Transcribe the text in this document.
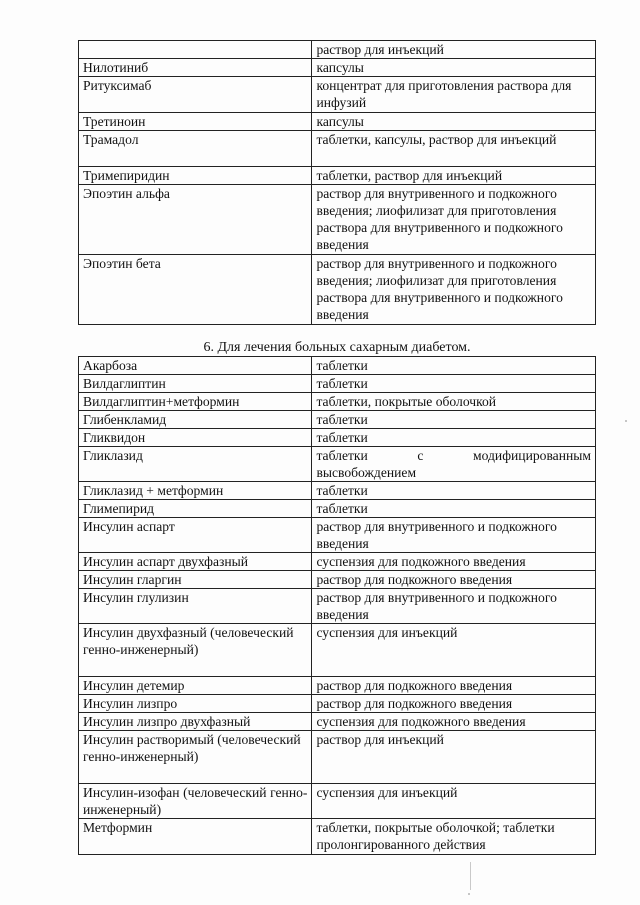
	раствор для инъекций
Нилотиниб	капсулы
Ритуксимаб	концентрат для приготовления раствора для инфузий
Третиноин	капсулы
Трамадол	таблетки, капсулы, раствор для инъекций
Тримепиридин	таблетки, раствор для инъекций
Эпоэтин альфа	раствор для внутривенного и подкожного введения; лиофилизат для приготовления раствора для внутривенного и подкожного введения
Эпоэтин бета	раствор для внутривенного и подкожного введения; лиофилизат для приготовления раствора для внутривенного и подкожного введения
6. Для лечения больных сахарным диабетом.
Акарбоза	таблетки
Вилдаглиптин	таблетки
Вилдаглиптин+метформин	таблетки, покрытые оболочкой
Глибенкламид	таблетки
Гликвидон	таблетки
Гликлазид	таблетки с модифицированным высвобождением
Гликлазид + метформин	таблетки
Глимепирид	таблетки
Инсулин аспарт	раствор для внутривенного и подкожного введения
Инсулин аспарт двухфазный	суспензия для подкожного введения
Инсулин гларгин	раствор для подкожного введения
Инсулин глулизин	раствор для внутривенного и подкожного введения
Инсулин двухфазный (человеческий генно-инженерный)	суспензия для инъекций
Инсулин детемир	раствор для подкожного введения
Инсулин лизпро	раствор для подкожного введения
Инсулин лизпро двухфазный	суспензия для подкожного введения
Инсулин растворимый (человеческий генно-инженерный)	раствор для инъекций
Инсулин-изофан (человеческий генно-инженерный)	суспензия для инъекций
Метформин	таблетки, покрытые оболочкой; таблетки пролонгированного действия
